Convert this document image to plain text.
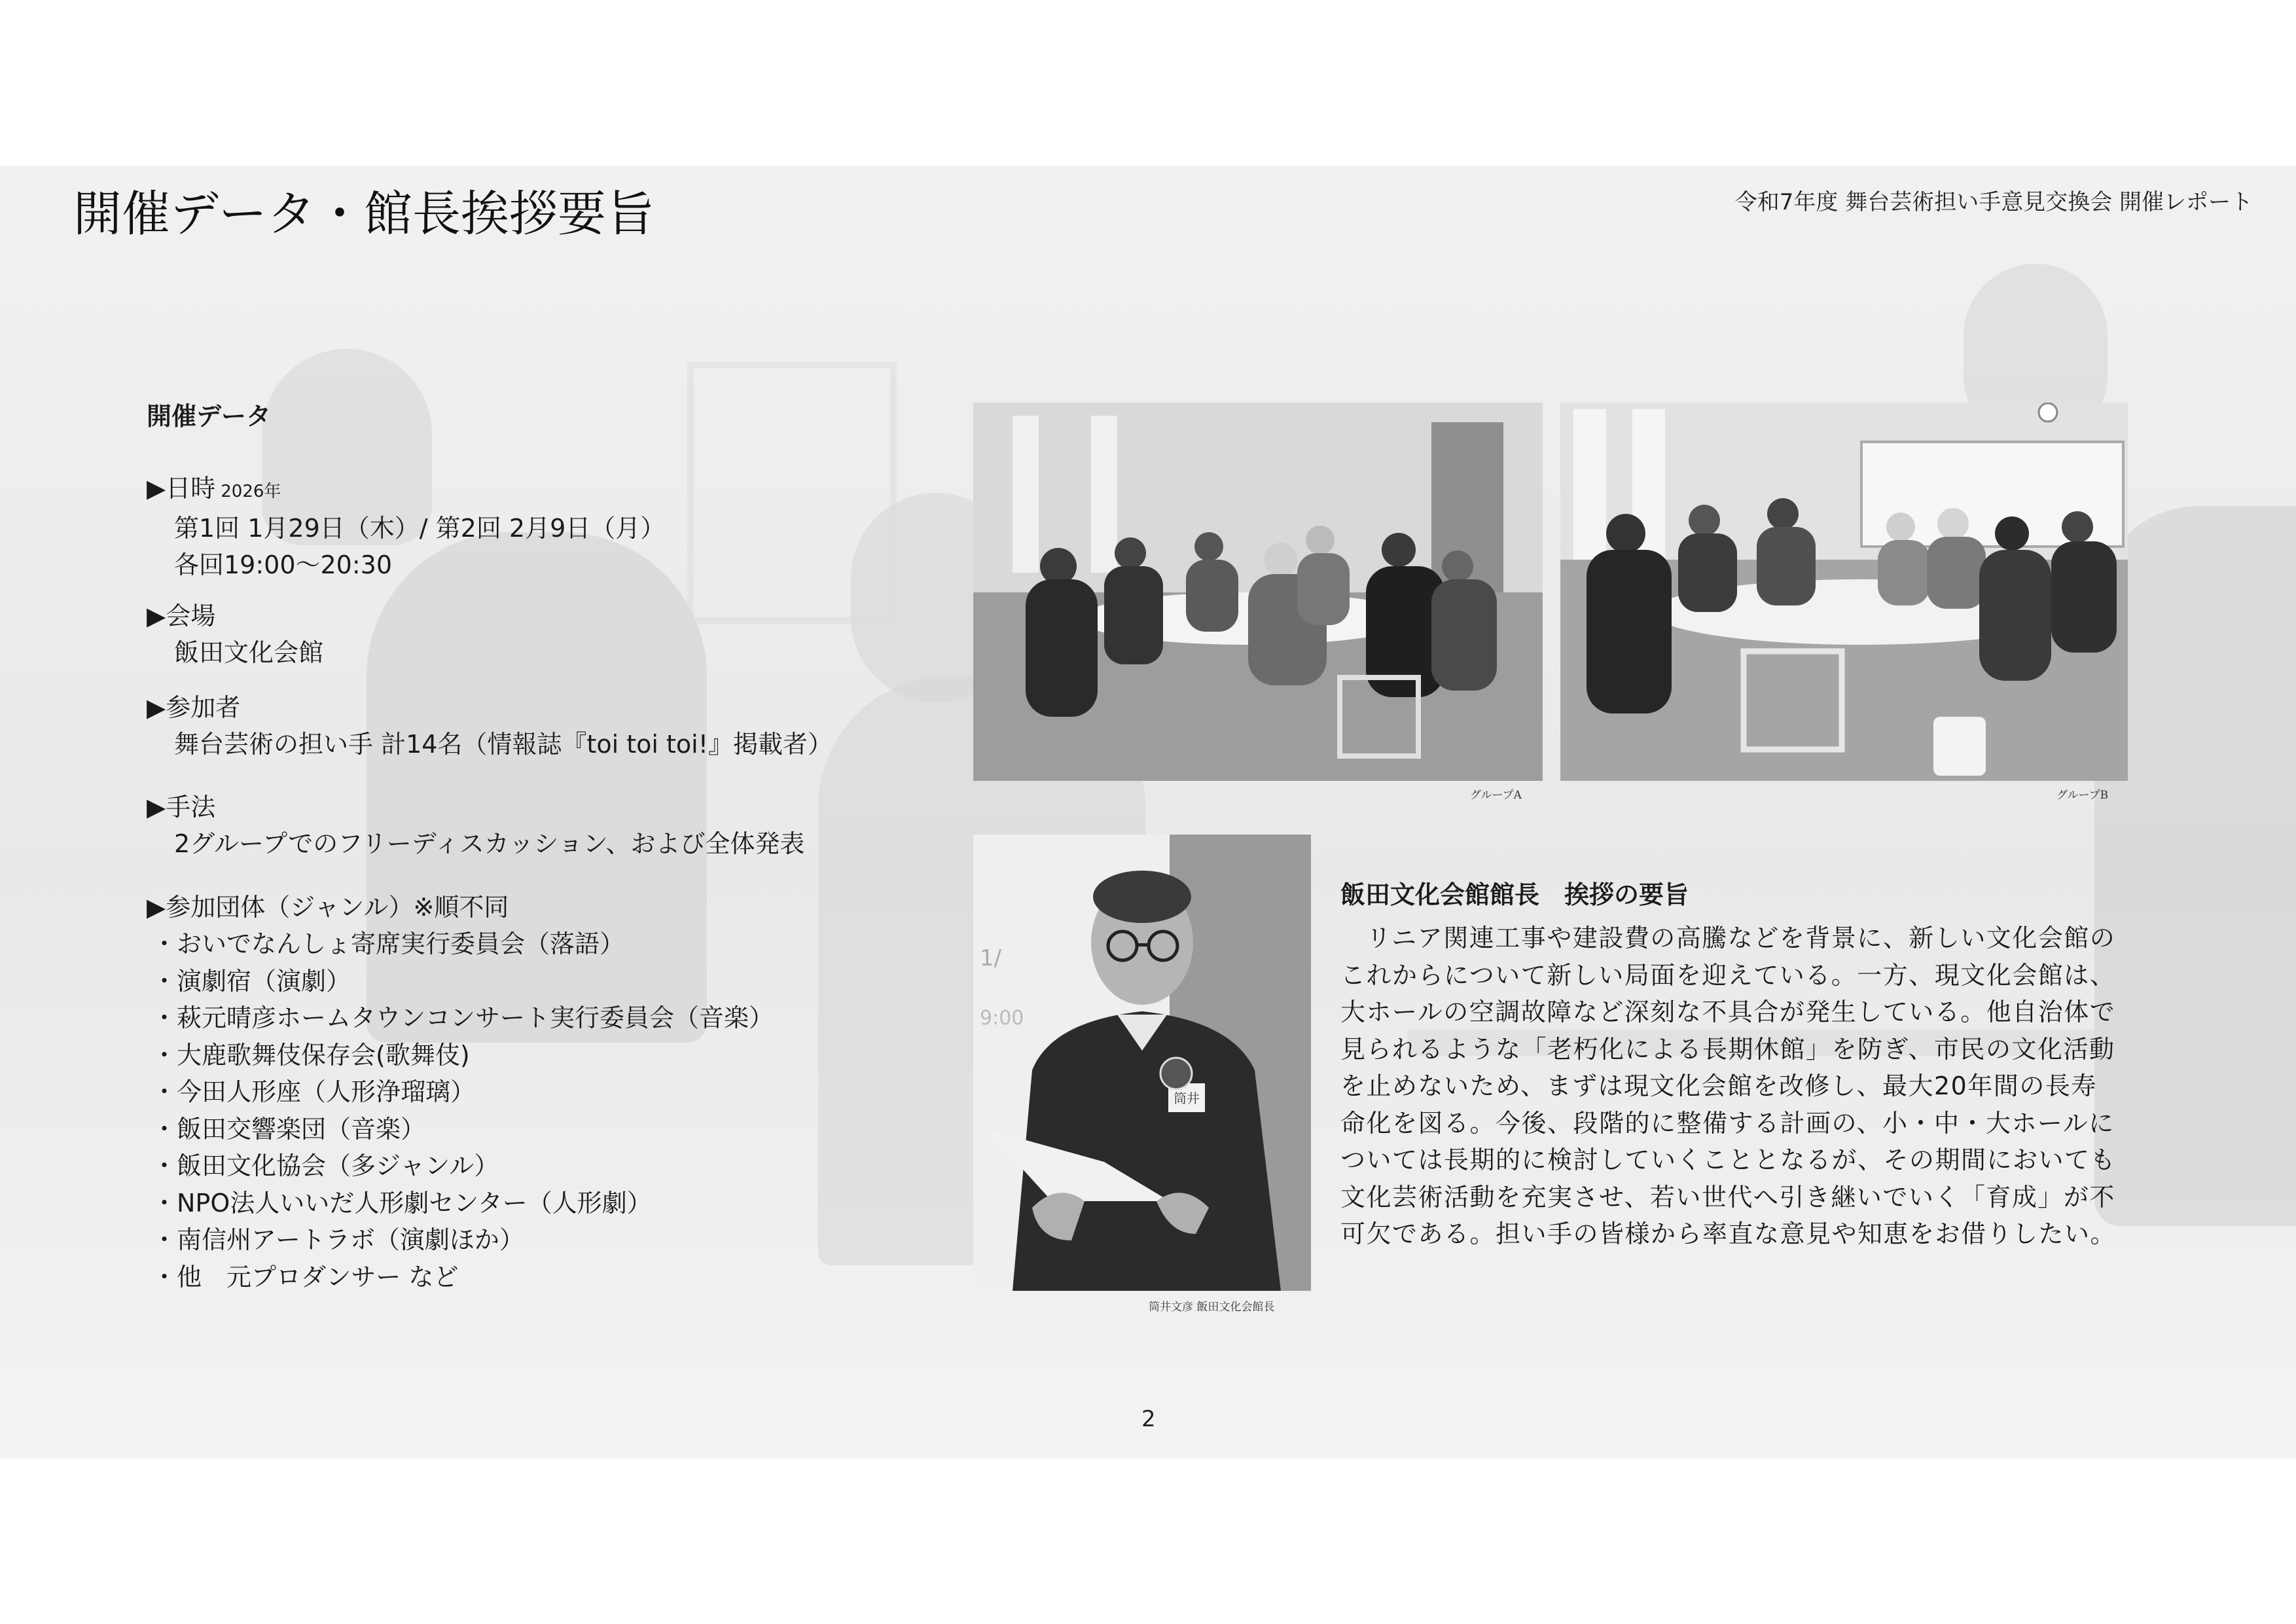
開催データ・館長挨拶要旨	令和7年度 舞台芸術担い手意見交換会 開催レポート
開催データ
▶日時 2026年
第1回 1月29日（木）/ 第2回 2月9日（月）
各回19:00〜20:30
▶会場
飯田文化会館
▶参加者
舞台芸術の担い手 計14名（情報誌『toi toi toi!』掲載者）
▶手法
2グループでのフリーディスカッション、および全体発表
▶参加団体（ジャンル）※順不同
・おいでなんしょ寄席実行委員会（落語）
・演劇宿（演劇）
・萩元晴彦ホームタウンコンサート実行委員会（音楽）
・大鹿歌舞伎保存会(歌舞伎)
・今田人形座（人形浄瑠璃）
・飯田交響楽団（音楽）
・飯田文化協会（多ジャンル）
・NPO法人いいだ人形劇センター（人形劇）
・南信州アートラボ（演劇ほか）
・他　元プロダンサー など
グループA	グループB
1/
9:00
筒井
筒井文彦 飯田文化会館長
飯田文化会館館長　挨拶の要旨
　リニア関連工事や建設費の高騰などを背景に、新しい文化会館の
これからについて新しい局面を迎えている。一方、現文化会館は、
大ホールの空調故障など深刻な不具合が発生している。他自治体で
見られるような「老朽化による長期休館」を防ぎ、市民の文化活動
を止めないため、まずは現文化会館を改修し、最大20年間の長寿
命化を図る。今後、段階的に整備する計画の、小・中・大ホールに
ついては長期的に検討していくこととなるが、その期間においても
文化芸術活動を充実させ、若い世代へ引き継いでいく「育成」が不
可欠である。担い手の皆様から率直な意見や知恵をお借りしたい。
2
